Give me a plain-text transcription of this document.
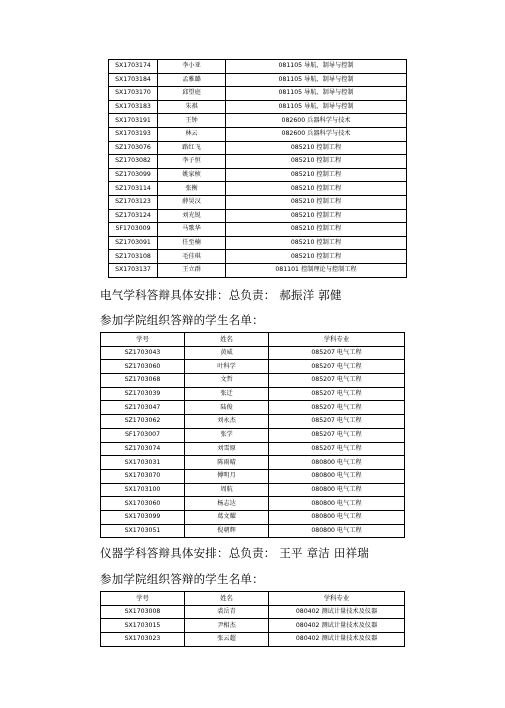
SX1703174	李小亚	081105 导航、制导与控制
SX1703184	孟雅璐	081105 导航、制导与控制
SX1703170	邱望庭	081105 导航、制导与控制
SX1703183	朱祺	081105 导航、制导与控制
SX1703191	王钟	082600 兵器科学与技术
SX1703193	林云	082600 兵器科学与技术
SZ1703076	路红飞	085210 控制工程
SZ1703082	李子恒	085210 控制工程
SZ1703099	姚家桢	085210 控制工程
SZ1703114	张衡	085210 控制工程
SZ1703123	薛昊汉	085210 控制工程
SZ1703124	刘光锐	085210 控制工程
SF1703009	马歌华	085210 控制工程
SZ1703091	任至楠	085210 控制工程
SZ1703108	毛佳琪	085210 控制工程
SX1703137	王立群	081101 控制理论与控制工程
电气学科答辩具体安排：总负责： 郝振洋 郭健
参加学院组织答辩的学生名单：
学号	姓名	学科专业
SZ1703043	黄威	085207 电气工程
SZ1703060	叶科学	085207 电气工程
SZ1703068	文哲	085207 电气工程
SZ1703039	张迁	085207 电气工程
SZ1703047	陆俊	085207 电气工程
SZ1703062	刘永杰	085207 电气工程
SF1703007	张学	085207 电气工程
SZ1703074	刘雪原	085207 电气工程
SX1703031	陈雨晴	080800 电气工程
SX1703070	傅明月	080800 电气工程
SX1703100	周航	080800 电气工程
SX1703060	杨志达	080800 电气工程
SX1703099	葛文耀	080800 电气工程
SX1703051	倪朝辉	080800 电气工程
仪器学科答辩具体安排：总负责： 王平 章洁 田祥瑞
参加学院组织答辩的学生名单：
学号	姓名	学科专业
SX1703008	裘岳青	080402 测试计量技术及仪器
SX1703015	尹相杰	080402 测试计量技术及仪器
SX1703023	张云超	080402 测试计量技术及仪器
